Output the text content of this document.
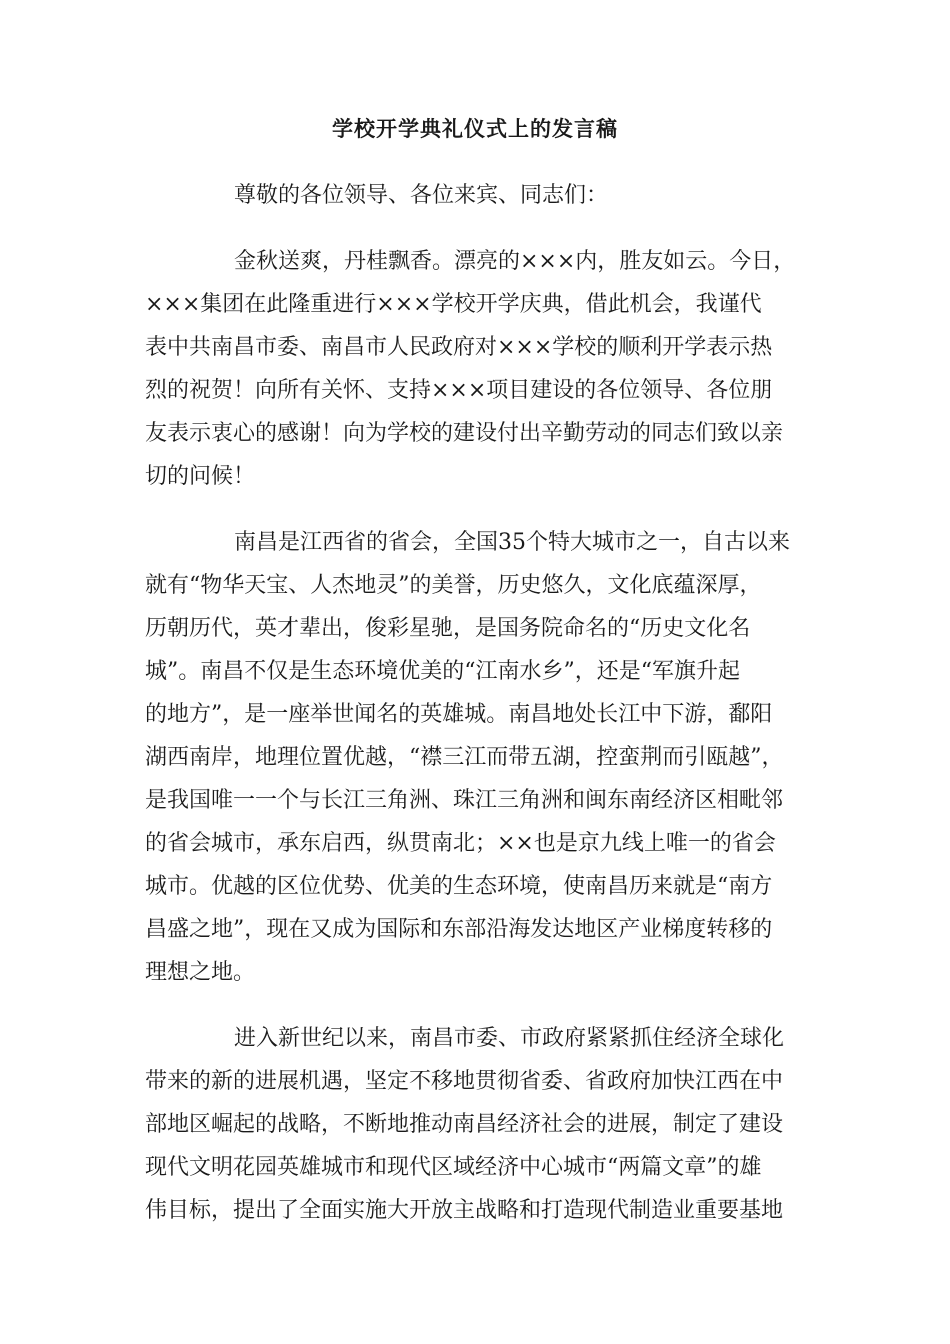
学校开学典礼仪式上的发言稿
尊敬的各位领导、各位来宾、同志们：
金秋送爽，丹桂飘香。漂亮的×××内，胜友如云。今日，
×××集团在此隆重进行×××学校开学庆典，借此机会，我谨代
表中共南昌市委、南昌市人民政府对×××学校的顺利开学表示热
烈的祝贺！向所有关怀、支持×××项目建设的各位领导、各位朋
友表示衷心的感谢！向为学校的建设付出辛勤劳动的同志们致以亲
切的问候！
南昌是江西省的省会，全国35个特大城市之一，自古以来
就有“物华天宝、人杰地灵”的美誉，历史悠久，文化底蕴深厚，
历朝历代，英才辈出，俊彩星驰，是国务院命名的“历史文化名
城”。南昌不仅是生态环境优美的“江南水乡”，还是“军旗升起
的地方”，是一座举世闻名的英雄城。南昌地处长江中下游，鄱阳
湖西南岸，地理位置优越，“襟三江而带五湖，控蛮荆而引瓯越”，
是我国唯一一个与长江三角洲、珠江三角洲和闽东南经济区相毗邻
的省会城市，承东启西，纵贯南北；××也是京九线上唯一的省会
城市。优越的区位优势、优美的生态环境，使南昌历来就是“南方
昌盛之地”，现在又成为国际和东部沿海发达地区产业梯度转移的
理想之地。
进入新世纪以来，南昌市委、市政府紧紧抓住经济全球化
带来的新的进展机遇，坚定不移地贯彻省委、省政府加快江西在中
部地区崛起的战略，不断地推动南昌经济社会的进展，制定了建设
现代文明花园英雄城市和现代区域经济中心城市“两篇文章”的雄
伟目标，提出了全面实施大开放主战略和打造现代制造业重要基地
